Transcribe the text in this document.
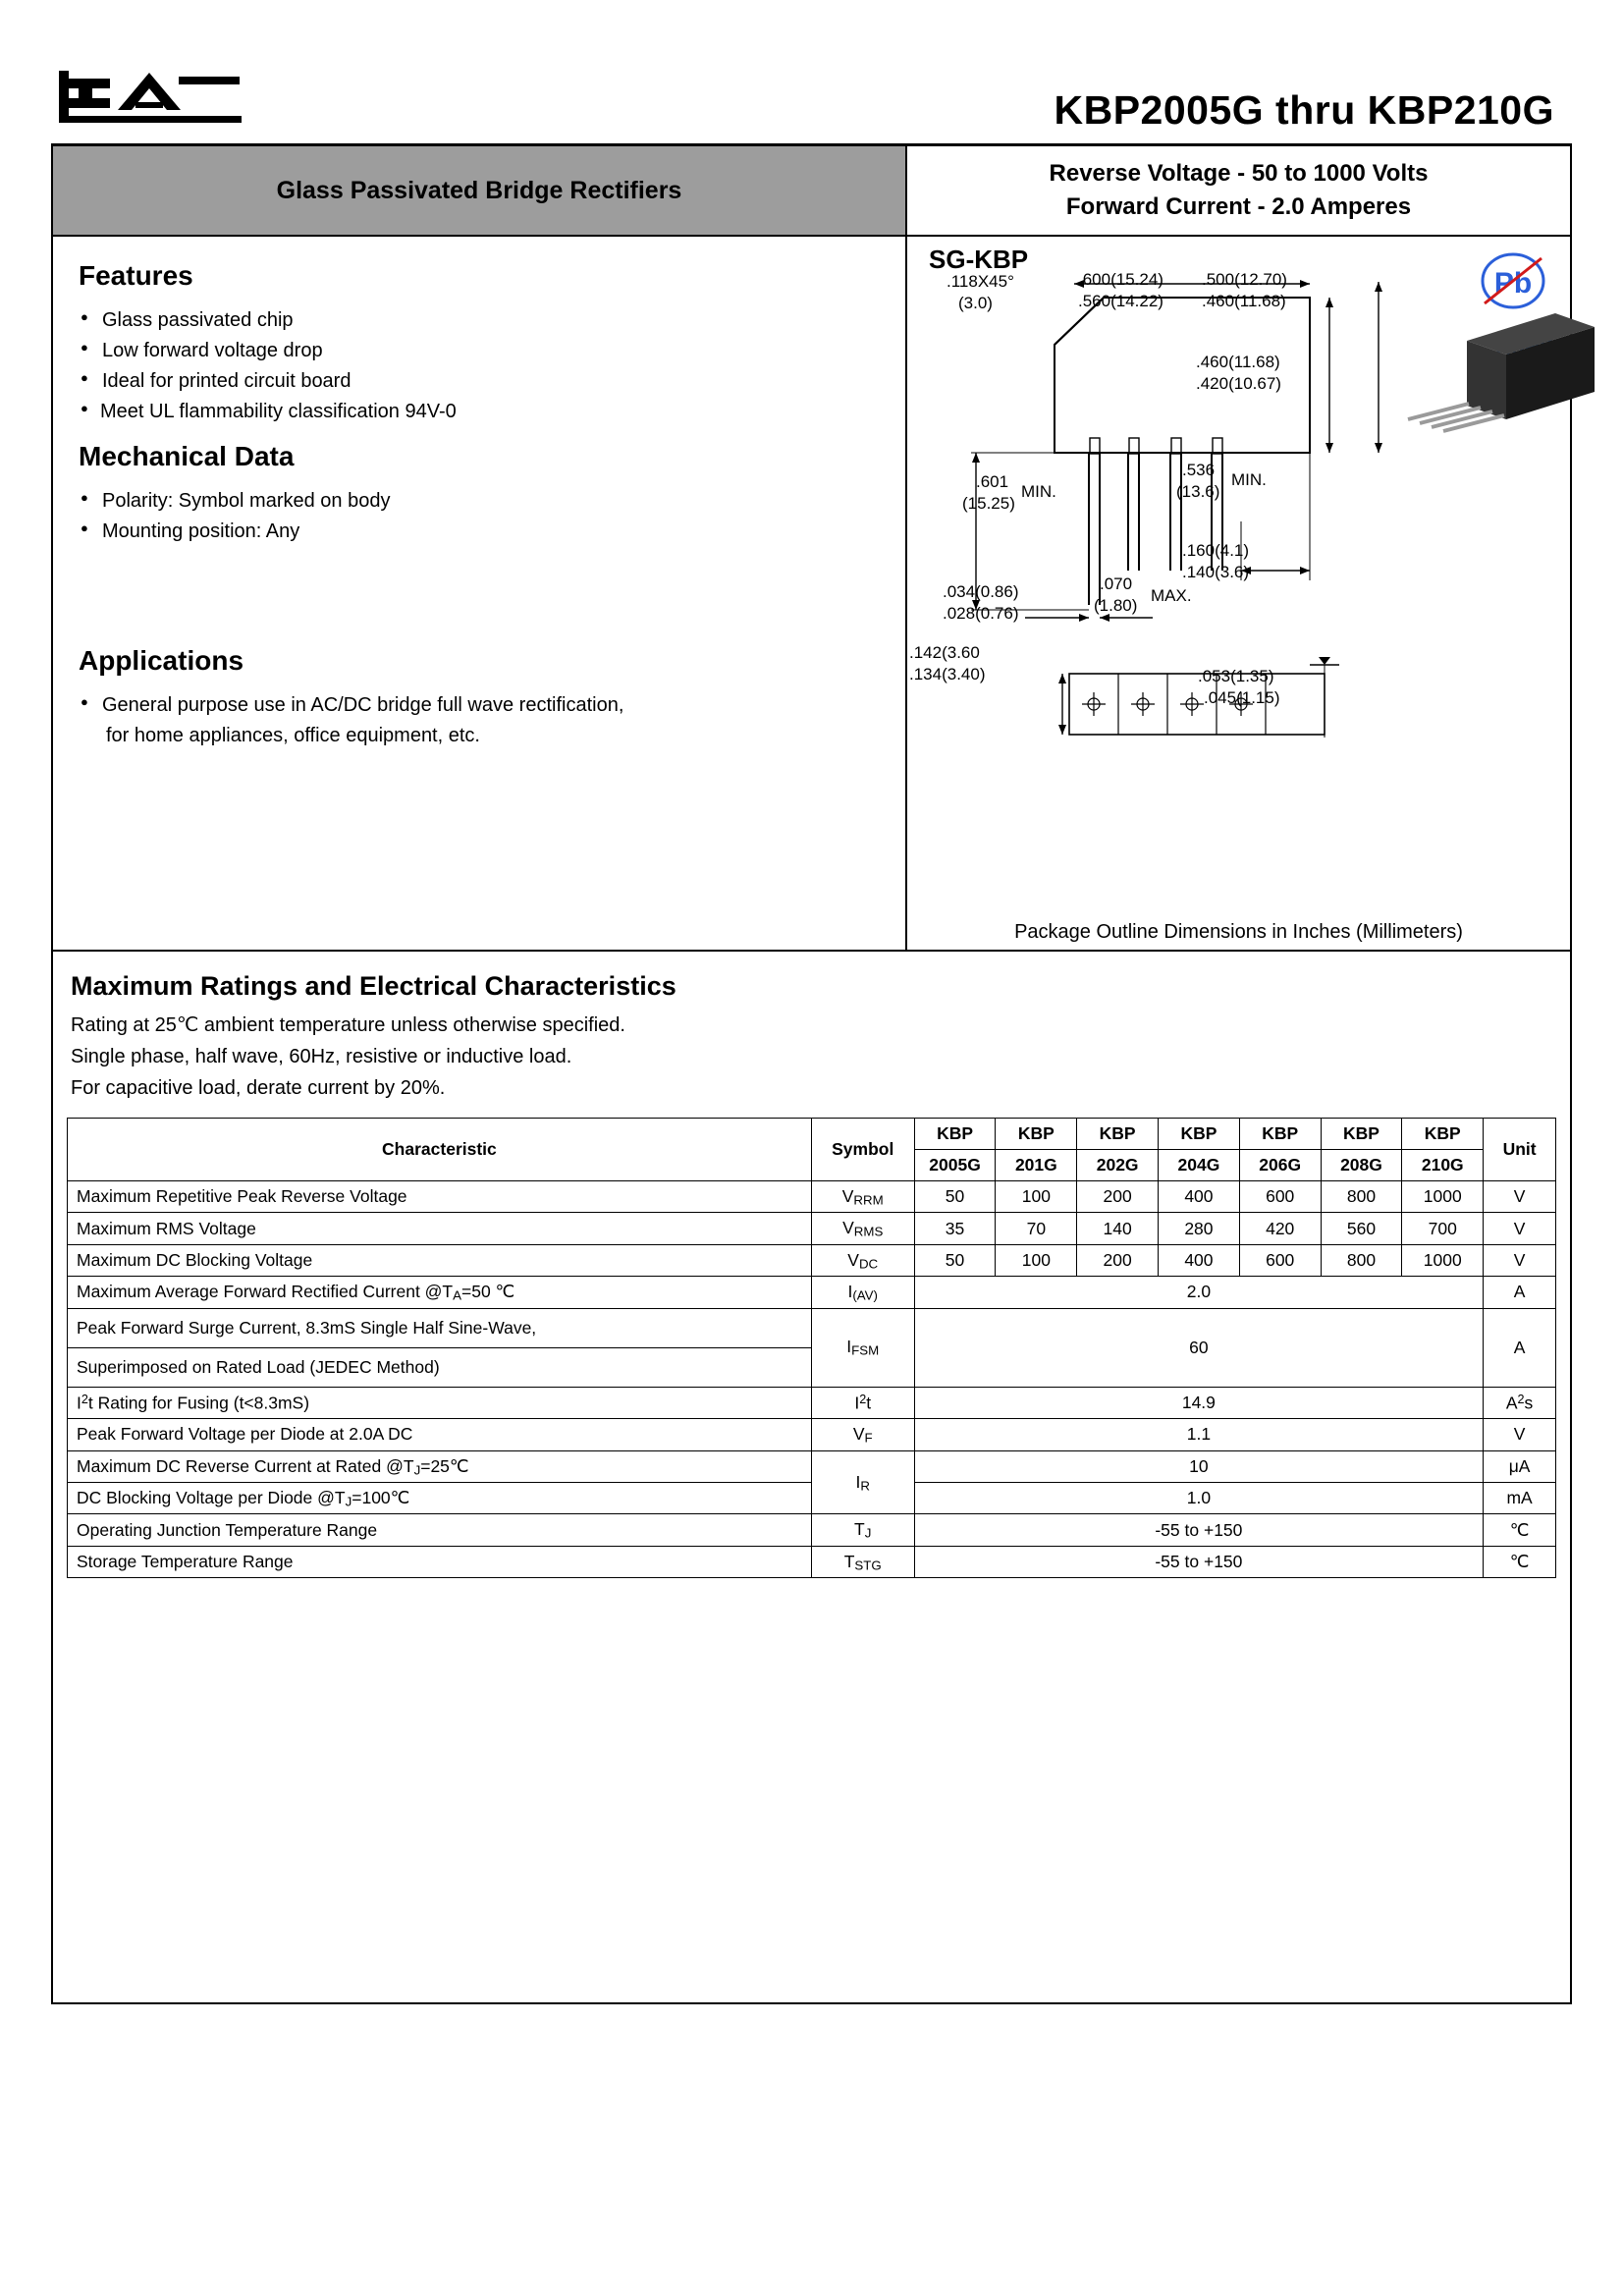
KBP2005G thru KBP210G
Glass Passivated Bridge Rectifiers
Features
● Glass passivated chip
● Low forward voltage drop
● Ideal for printed circuit board
● Meet UL flammability classification 94V-0
Mechanical Data
● Polarity: Symbol marked on body
● Mounting position: Any
Applications
● General purpose use in AC/DC bridge full wave rectification,
for home appliances, office equipment, etc.
Reverse Voltage - 50 to 1000 Volts
Forward Current - 2.0 Amperes
SG-KBP
Pb
.118X45°
(3.0)
.600(15.24)
.560(14.22)
.500(12.70)
.460(11.68)
.460(11.68)
.420(10.67)
.601
(15.25)
MIN.
.536
(13.6)
MIN.
.160(4.1)
.140(3.6)
.034(0.86)
.028(0.76)
.070
(1.80)
MAX.
.142(3.60
.134(3.40)	.053(1.35)
.045(1.15)
Package Outline Dimensions in Inches (Millimeters)
Maximum Ratings and Electrical Characteristics
Rating at 25℃ ambient temperature unless otherwise specified.
Single phase, half wave, 60Hz, resistive or inductive load.
For capacitive load, derate current by 20%.
Characteristic	Symbol	KBP	KBP	KBP	KBP	KBP	KBP	KBP	Unit
		2005G	201G	202G	204G	206G	208G	210G	
Maximum Repetitive Peak Reverse Voltage	VRRM	50	100	200	400	600	800	1000	V
Maximum RMS Voltage	VRMS	35	70	140	280	420	560	700	V
Maximum DC Blocking Voltage	VDC	50	100	200	400	600	800	1000	V
Maximum Average Forward Rectified Current @TA=50 ℃	I(AV)	2.0							A
Peak Forward Surge Current, 8.3mS Single Half Sine-Wave,	IFSM	60							A
Superimposed on Rated Load (JEDEC Method)									
$I^2t$ Rating for Fusing (t<8.3mS)	$I^2t$	14.9							$A^2s$
Peak Forward Voltage per Diode at 2.0A DC	VF	1.1							V
Maximum DC Reverse Current at Rated @TJ=25℃	IR	10							μA
DC Blocking Voltage per Diode @TJ=100℃		1.0							mA
Operating Junction Temperature Range	TJ	-55 to +150							℃
Storage Temperature Range	TSTG	-55 to +150							℃
